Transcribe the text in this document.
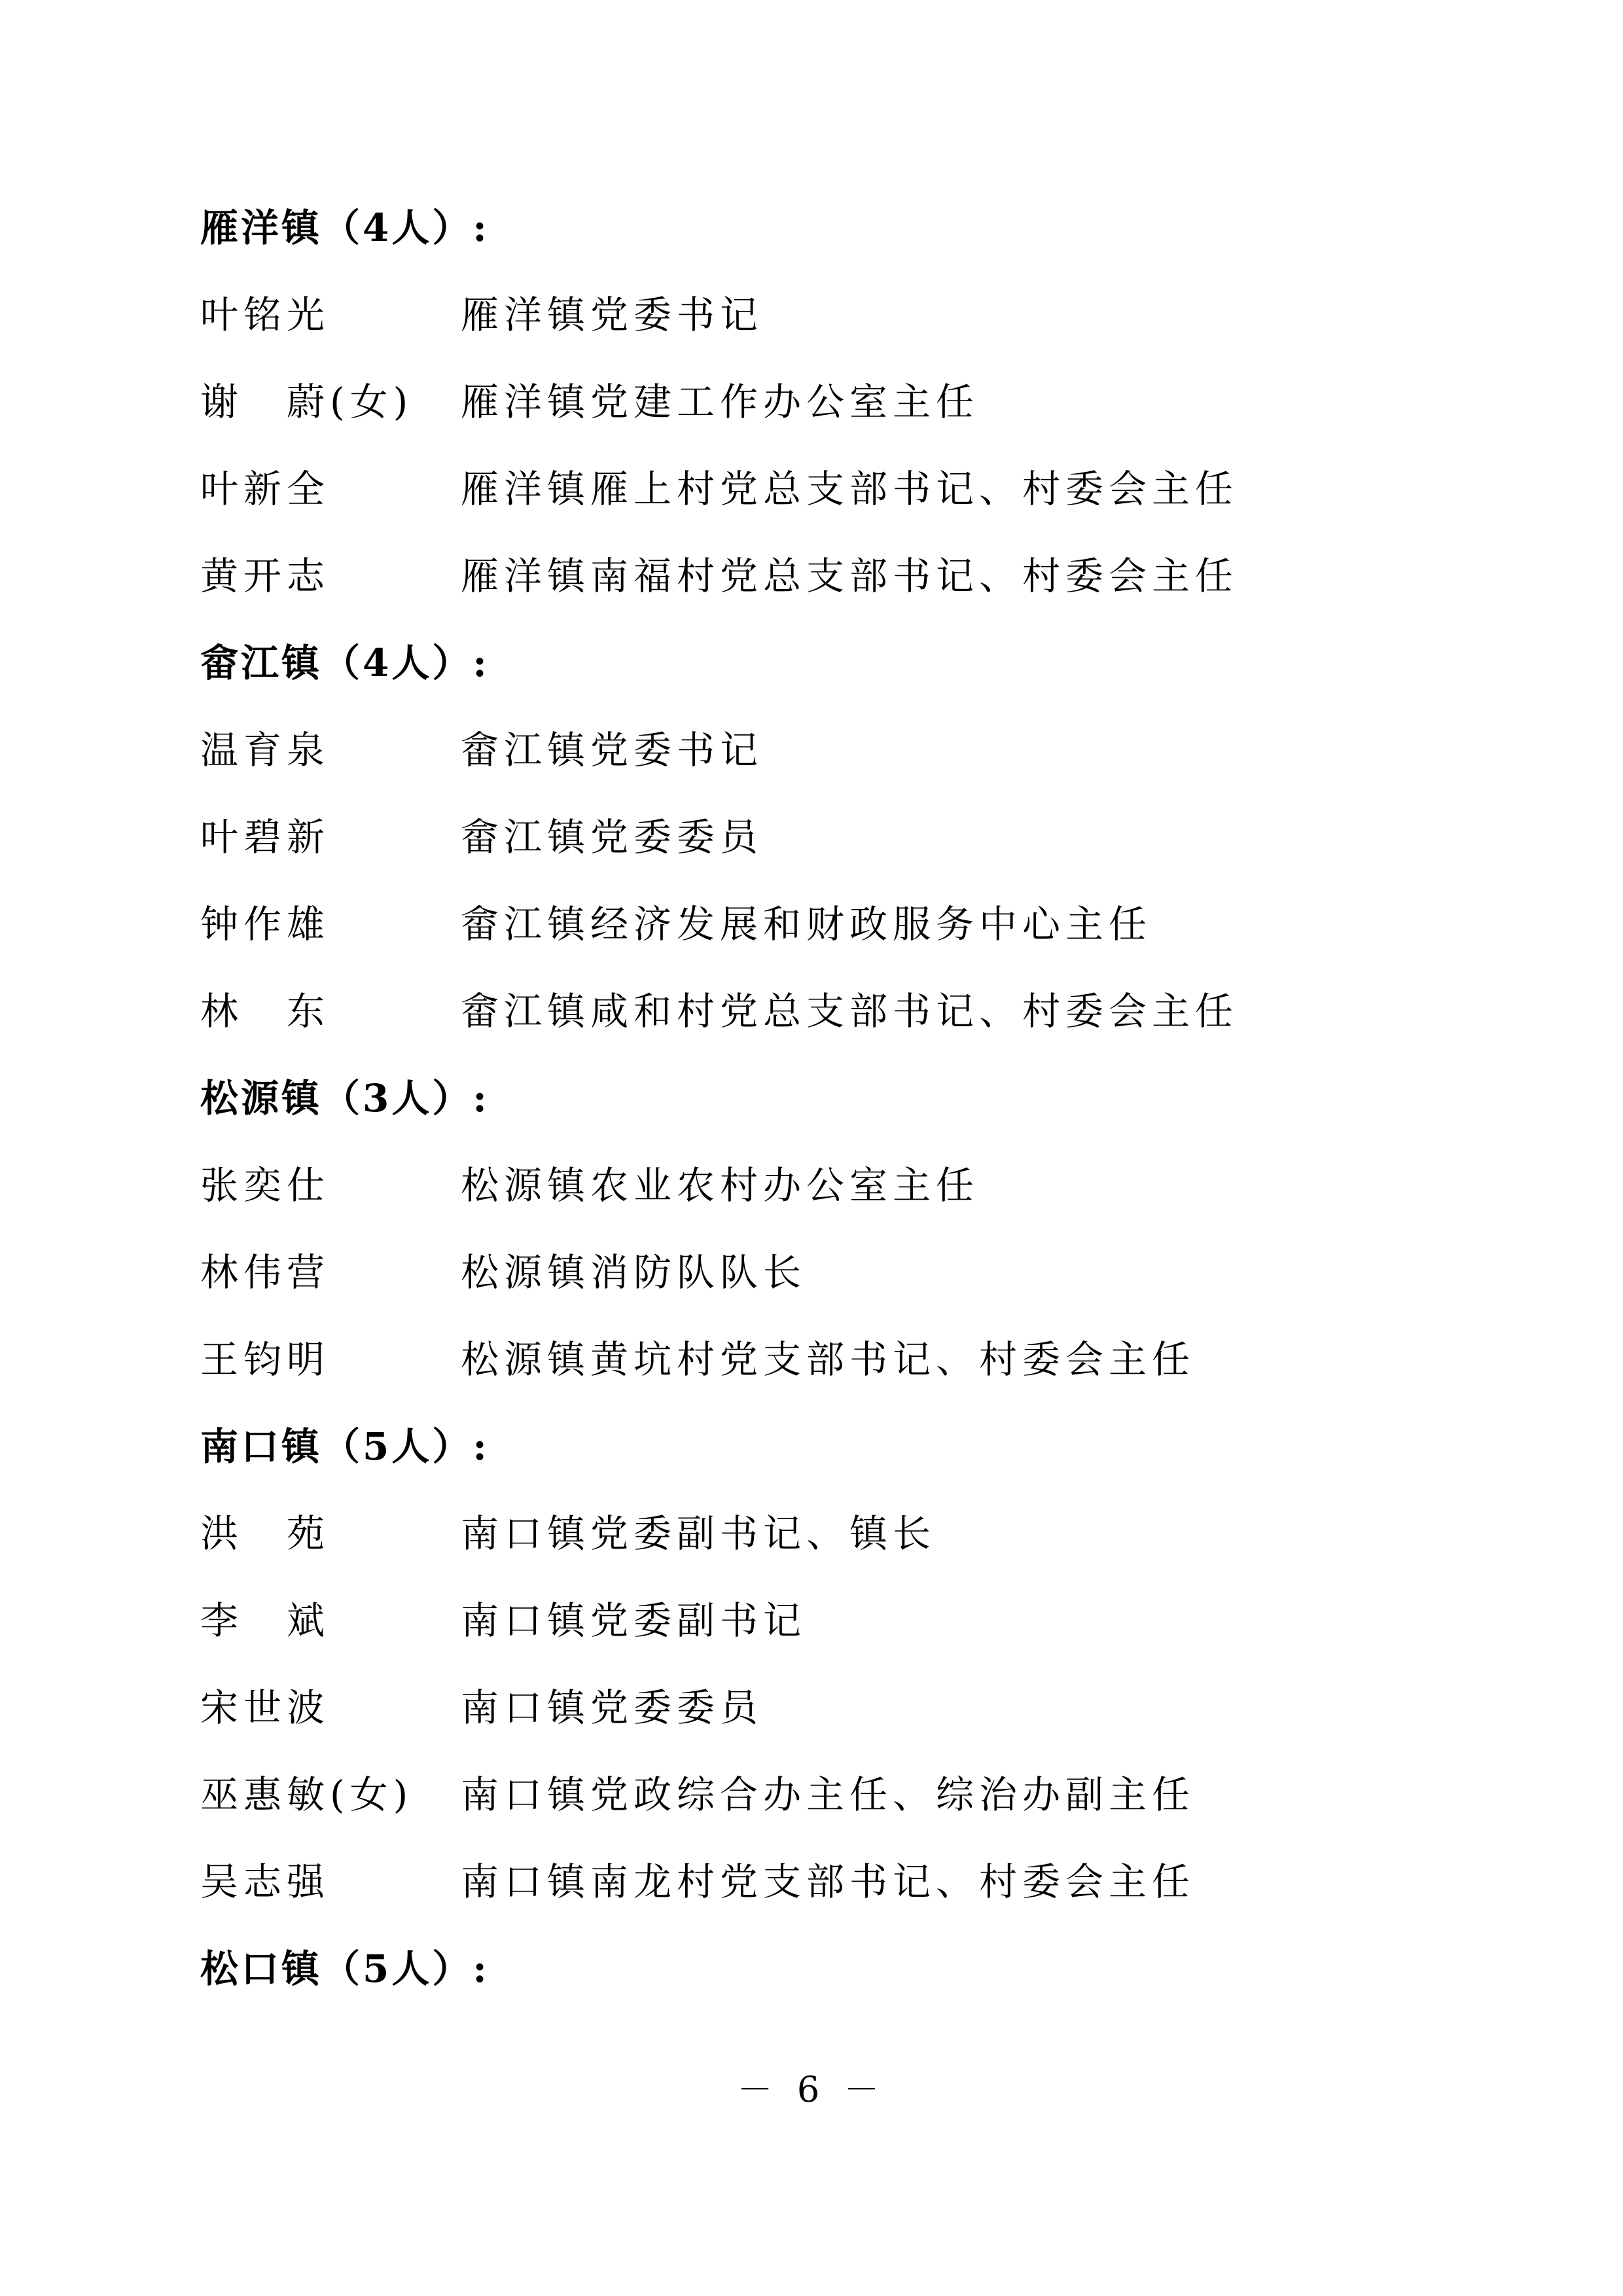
雁洋镇（4人）:
叶铭光	雁洋镇党委书记
谢　蔚(女) 雁洋镇党建工作办公室主任
叶新全	雁洋镇雁上村党总支部书记、村委会主任
黄开志	雁洋镇南福村党总支部书记、村委会主任
畲江镇（4人）:
温育泉	畲江镇党委书记
叶碧新	畲江镇党委委员
钟作雄	畲江镇经济发展和财政服务中心主任
林　东	畲江镇咸和村党总支部书记、村委会主任
松源镇（3人）:
张奕仕	松源镇农业农村办公室主任
林伟营	松源镇消防队队长
王钧明	松源镇黄坑村党支部书记、村委会主任
南口镇（5人）:
洪　苑	南口镇党委副书记、镇长
李　斌	南口镇党委副书记
宋世波	南口镇党委委员
巫惠敏(女) 南口镇党政综合办主任、综治办副主任
吴志强	南口镇南龙村党支部书记、村委会主任
松口镇（5人）:
－ 6 －
